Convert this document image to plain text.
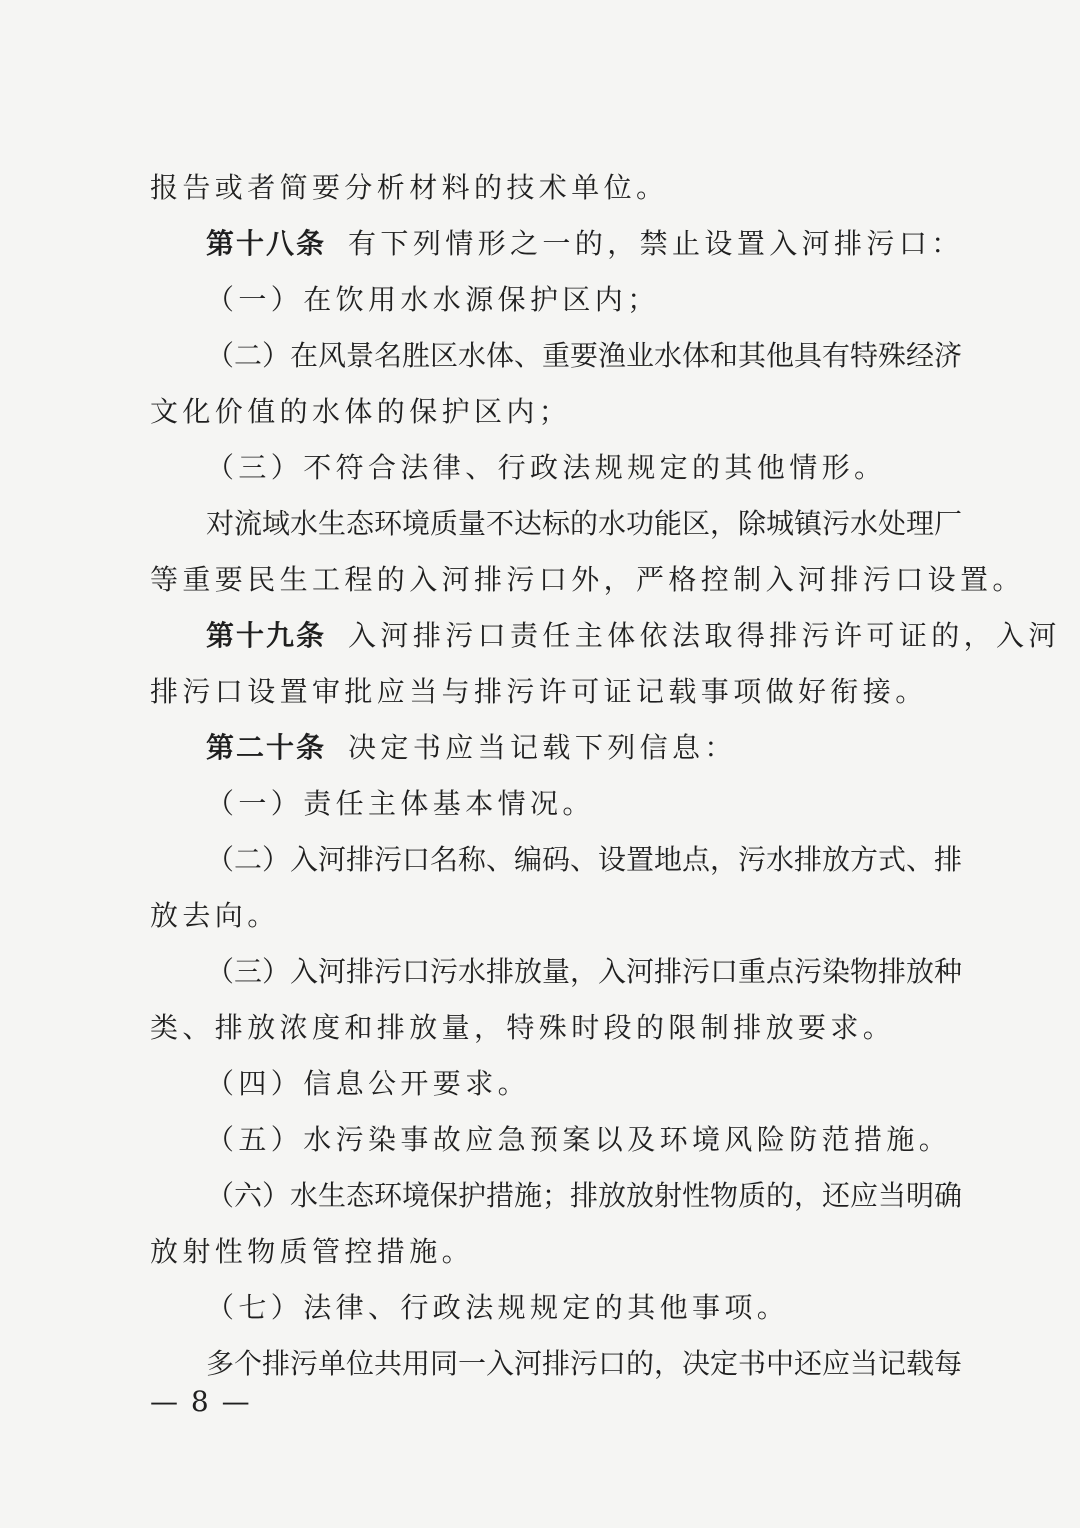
报告或者简要分析材料的技术单位。
第十八条 有下列情形之一的，禁止设置入河排污口：
（一）在饮用水水源保护区内；
（二）在风景名胜区水体、重要渔业水体和其他具有特殊经济
文化价值的水体的保护区内；
（三）不符合法律、行政法规规定的其他情形。
对流域水生态环境质量不达标的水功能区，除城镇污水处理厂
等重要民生工程的入河排污口外，严格控制入河排污口设置。
第十九条 入河排污口责任主体依法取得排污许可证的，入河
排污口设置审批应当与排污许可证记载事项做好衔接。
第二十条 决定书应当记载下列信息：
（一）责任主体基本情况。
（二）入河排污口名称、编码、设置地点，污水排放方式、排
放去向。
（三）入河排污口污水排放量，入河排污口重点污染物排放种
类、排放浓度和排放量，特殊时段的限制排放要求。
（四）信息公开要求。
（五）水污染事故应急预案以及环境风险防范措施。
（六）水生态环境保护措施；排放放射性物质的，还应当明确
放射性物质管控措施。
（七）法律、行政法规规定的其他事项。
多个排污单位共用同一入河排污口的，决定书中还应当记载每
— 8 —
